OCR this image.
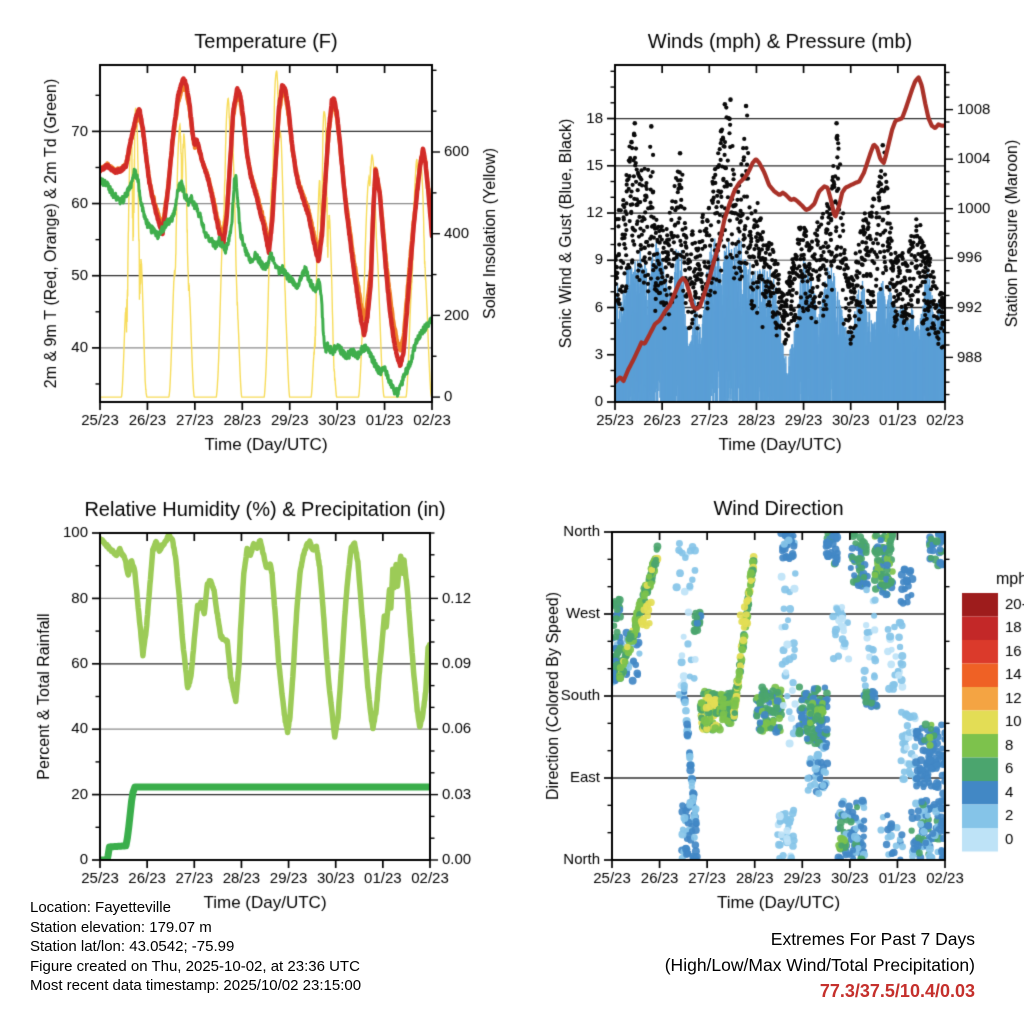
Location: Fayetteville
Station elevation: 179.07 m
Station lat/lon: 43.0542; -75.99
Figure created on Thu, 2025-10-02, at 23:36 UTC
Most recent data timestamp: 2025/10/02 23:15:00
Extremes For Past 7 Days
(High/Low/Max Wind/Total Precipitation)
77.3/37.5/10.4/0.03
